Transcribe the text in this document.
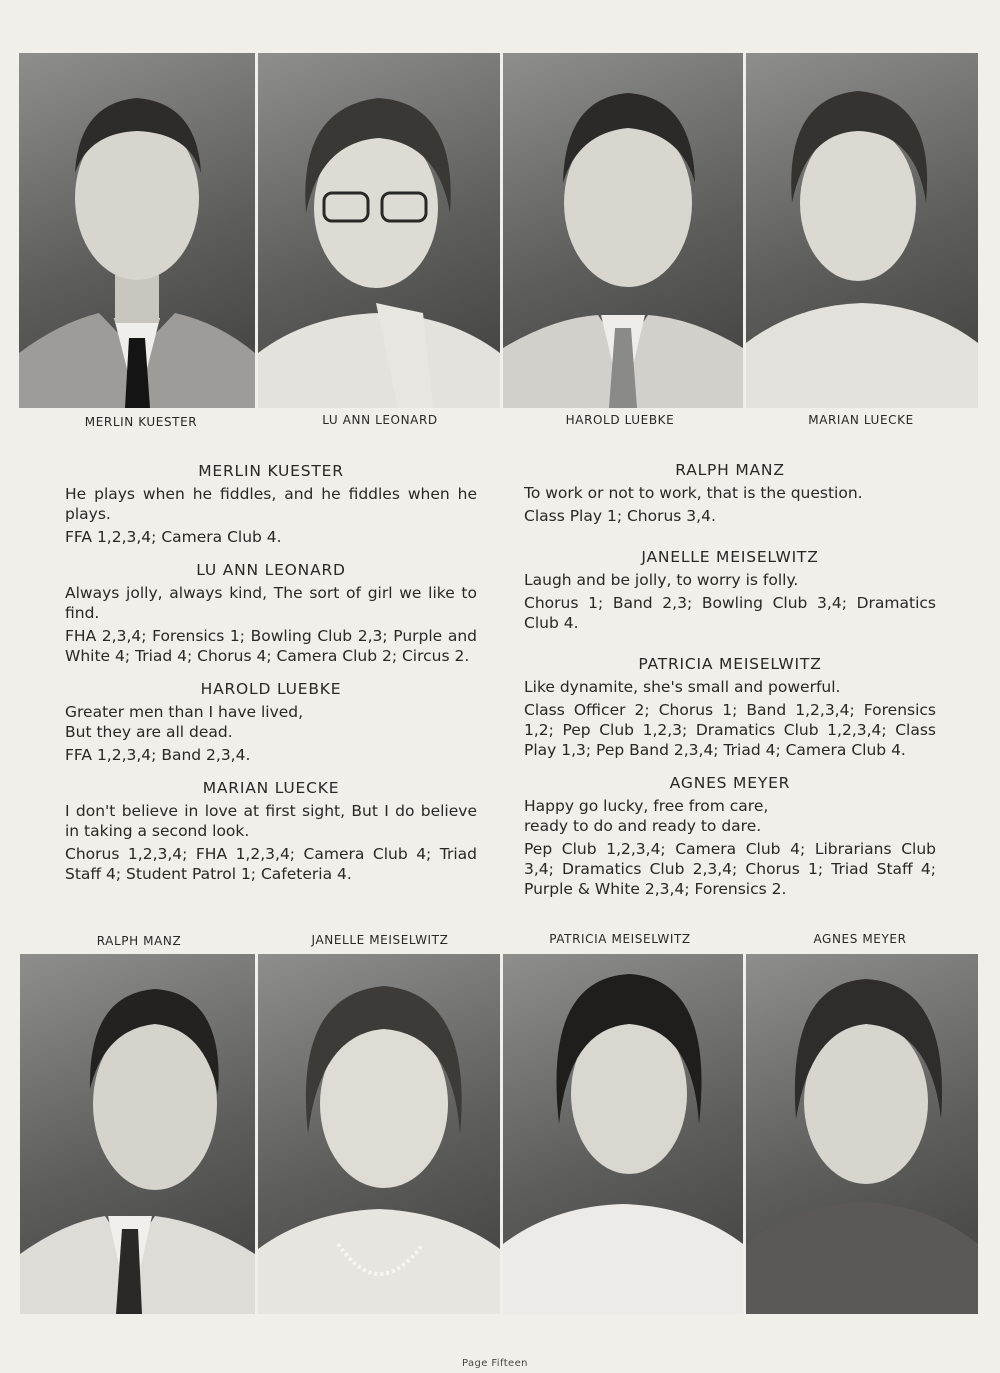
MERLIN KUESTER	LU ANN LEONARD	HAROLD LUEBKE	MARIAN LUECKE
MERLIN KUESTER
He plays when he fiddles, and he fiddles when he plays.
FFA 1,2,3,4; Camera Club 4.
LU ANN LEONARD
Always jolly, always kind, The sort of girl we like to find.
FHA 2,3,4; Forensics 1; Bowling Club 2,3; Purple and White 4; Triad 4; Chorus 4; Camera Club 2; Circus 2.
HAROLD LUEBKE
Greater men than I have lived,
But they are all dead.
FFA 1,2,3,4; Band 2,3,4.
MARIAN LUECKE
I don't believe in love at first sight, But I do believe in taking a second look.
Chorus 1,2,3,4; FHA 1,2,3,4; Camera Club 4; Triad Staff 4; Student Patrol 1; Cafeteria 4.
RALPH MANZ
To work or not to work, that is the question.
Class Play 1; Chorus 3,4.
JANELLE MEISELWITZ
Laugh and be jolly, to worry is folly.
Chorus 1; Band 2,3; Bowling Club 3,4; Dramatics Club 4.
PATRICIA MEISELWITZ
Like dynamite, she's small and powerful.
Class Officer 2; Chorus 1; Band 1,2,3,4; Forensics 1,2; Pep Club 1,2,3; Dramatics Club 1,2,3,4; Class Play 1,3; Pep Band 2,3,4; Triad 4; Camera Club 4.
AGNES MEYER
Happy go lucky, free from care,
ready to do and ready to dare.
Pep Club 1,2,3,4; Camera Club 4; Librarians Club 3,4; Dramatics Club 2,3,4; Chorus 1; Triad Staff 4; Purple & White 2,3,4; Forensics 2.
RALPH MANZ	JANELLE MEISELWITZ	PATRICIA MEISELWITZ	AGNES MEYER
Page Fifteen
